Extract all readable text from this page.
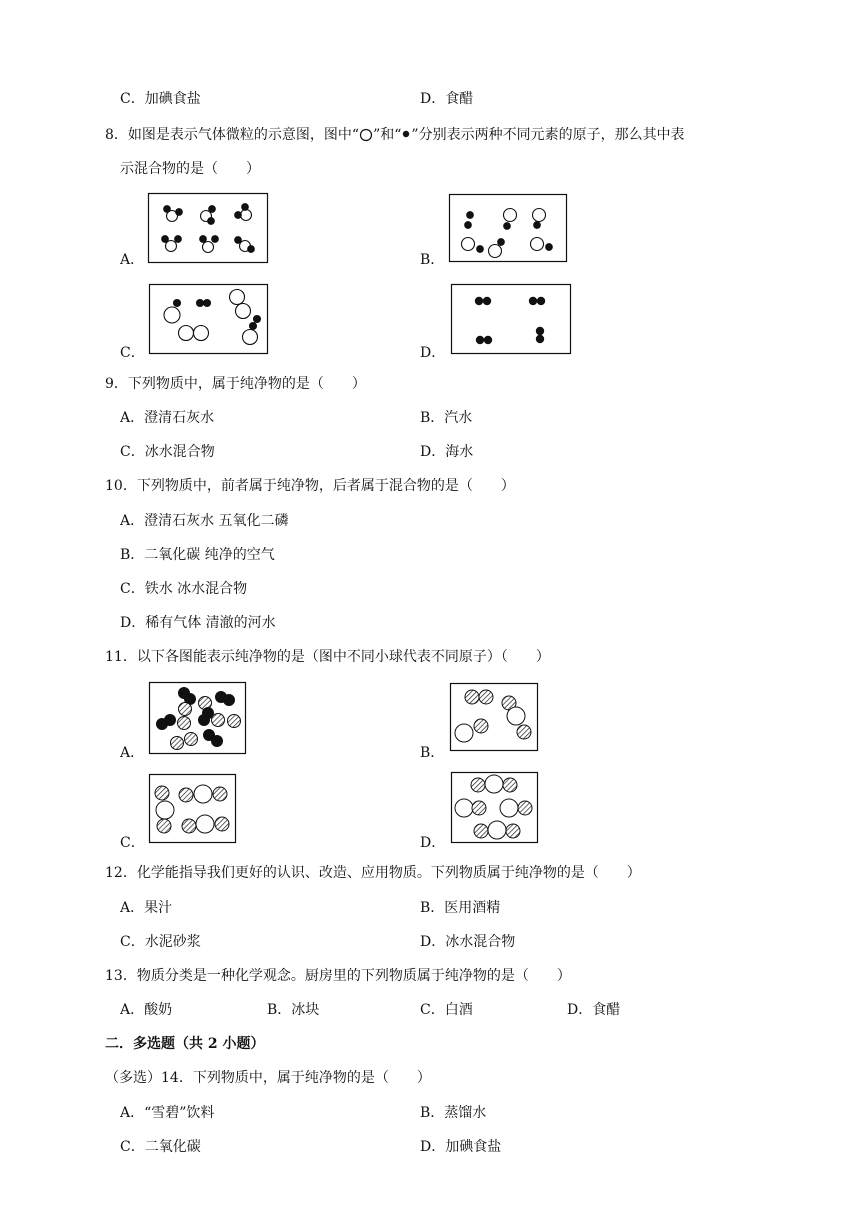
C．加碘食盐	D．食醋
8．如图是表示气体微粒的示意图，图中“ ”和“ ”分别表示两种不同元素的原子，那么其中表
示混合物的是（　　）
A．	B．
C．	D．
9．下列物质中，属于纯净物的是（　　）
A．澄清石灰水	B．汽水
C．冰水混合物	D．海水
10．下列物质中，前者属于纯净物，后者属于混合物的是（　　）
A．澄清石灰水 五氧化二磷
B．二氧化碳 纯净的空气
C．铁水 冰水混合物
D．稀有气体 清澈的河水
11．以下各图能表示纯净物的是（图中不同小球代表不同原子）（　　）
A．	B．
C．	D．
12．化学能指导我们更好的认识、改造、应用物质。下列物质属于纯净物的是（　　）
A．果汁	B．医用酒精
C．水泥砂浆	D．冰水混合物
13．物质分类是一种化学观念。厨房里的下列物质属于纯净物的是（　　）
A．酸奶	B．冰块	C．白酒	D．食醋
二．多选题（共 2 小题）
（多选）14．下列物质中，属于纯净物的是（　　）
A．“雪碧”饮料	B．蒸馏水
C．二氧化碳	D．加碘食盐
